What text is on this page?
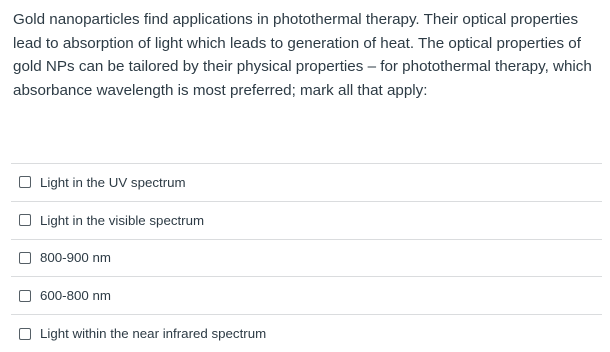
Gold nanoparticles find applications in photothermal therapy. Their optical properties lead to absorption of light which leads to generation of heat. The optical properties of gold NPs can be tailored by their physical properties – for photothermal therapy, which absorbance wavelength is most preferred; mark all that apply:

Light in the UV spectrum
Light in the visible spectrum
800-900 nm
600-800 nm
Light within the near infrared spectrum
